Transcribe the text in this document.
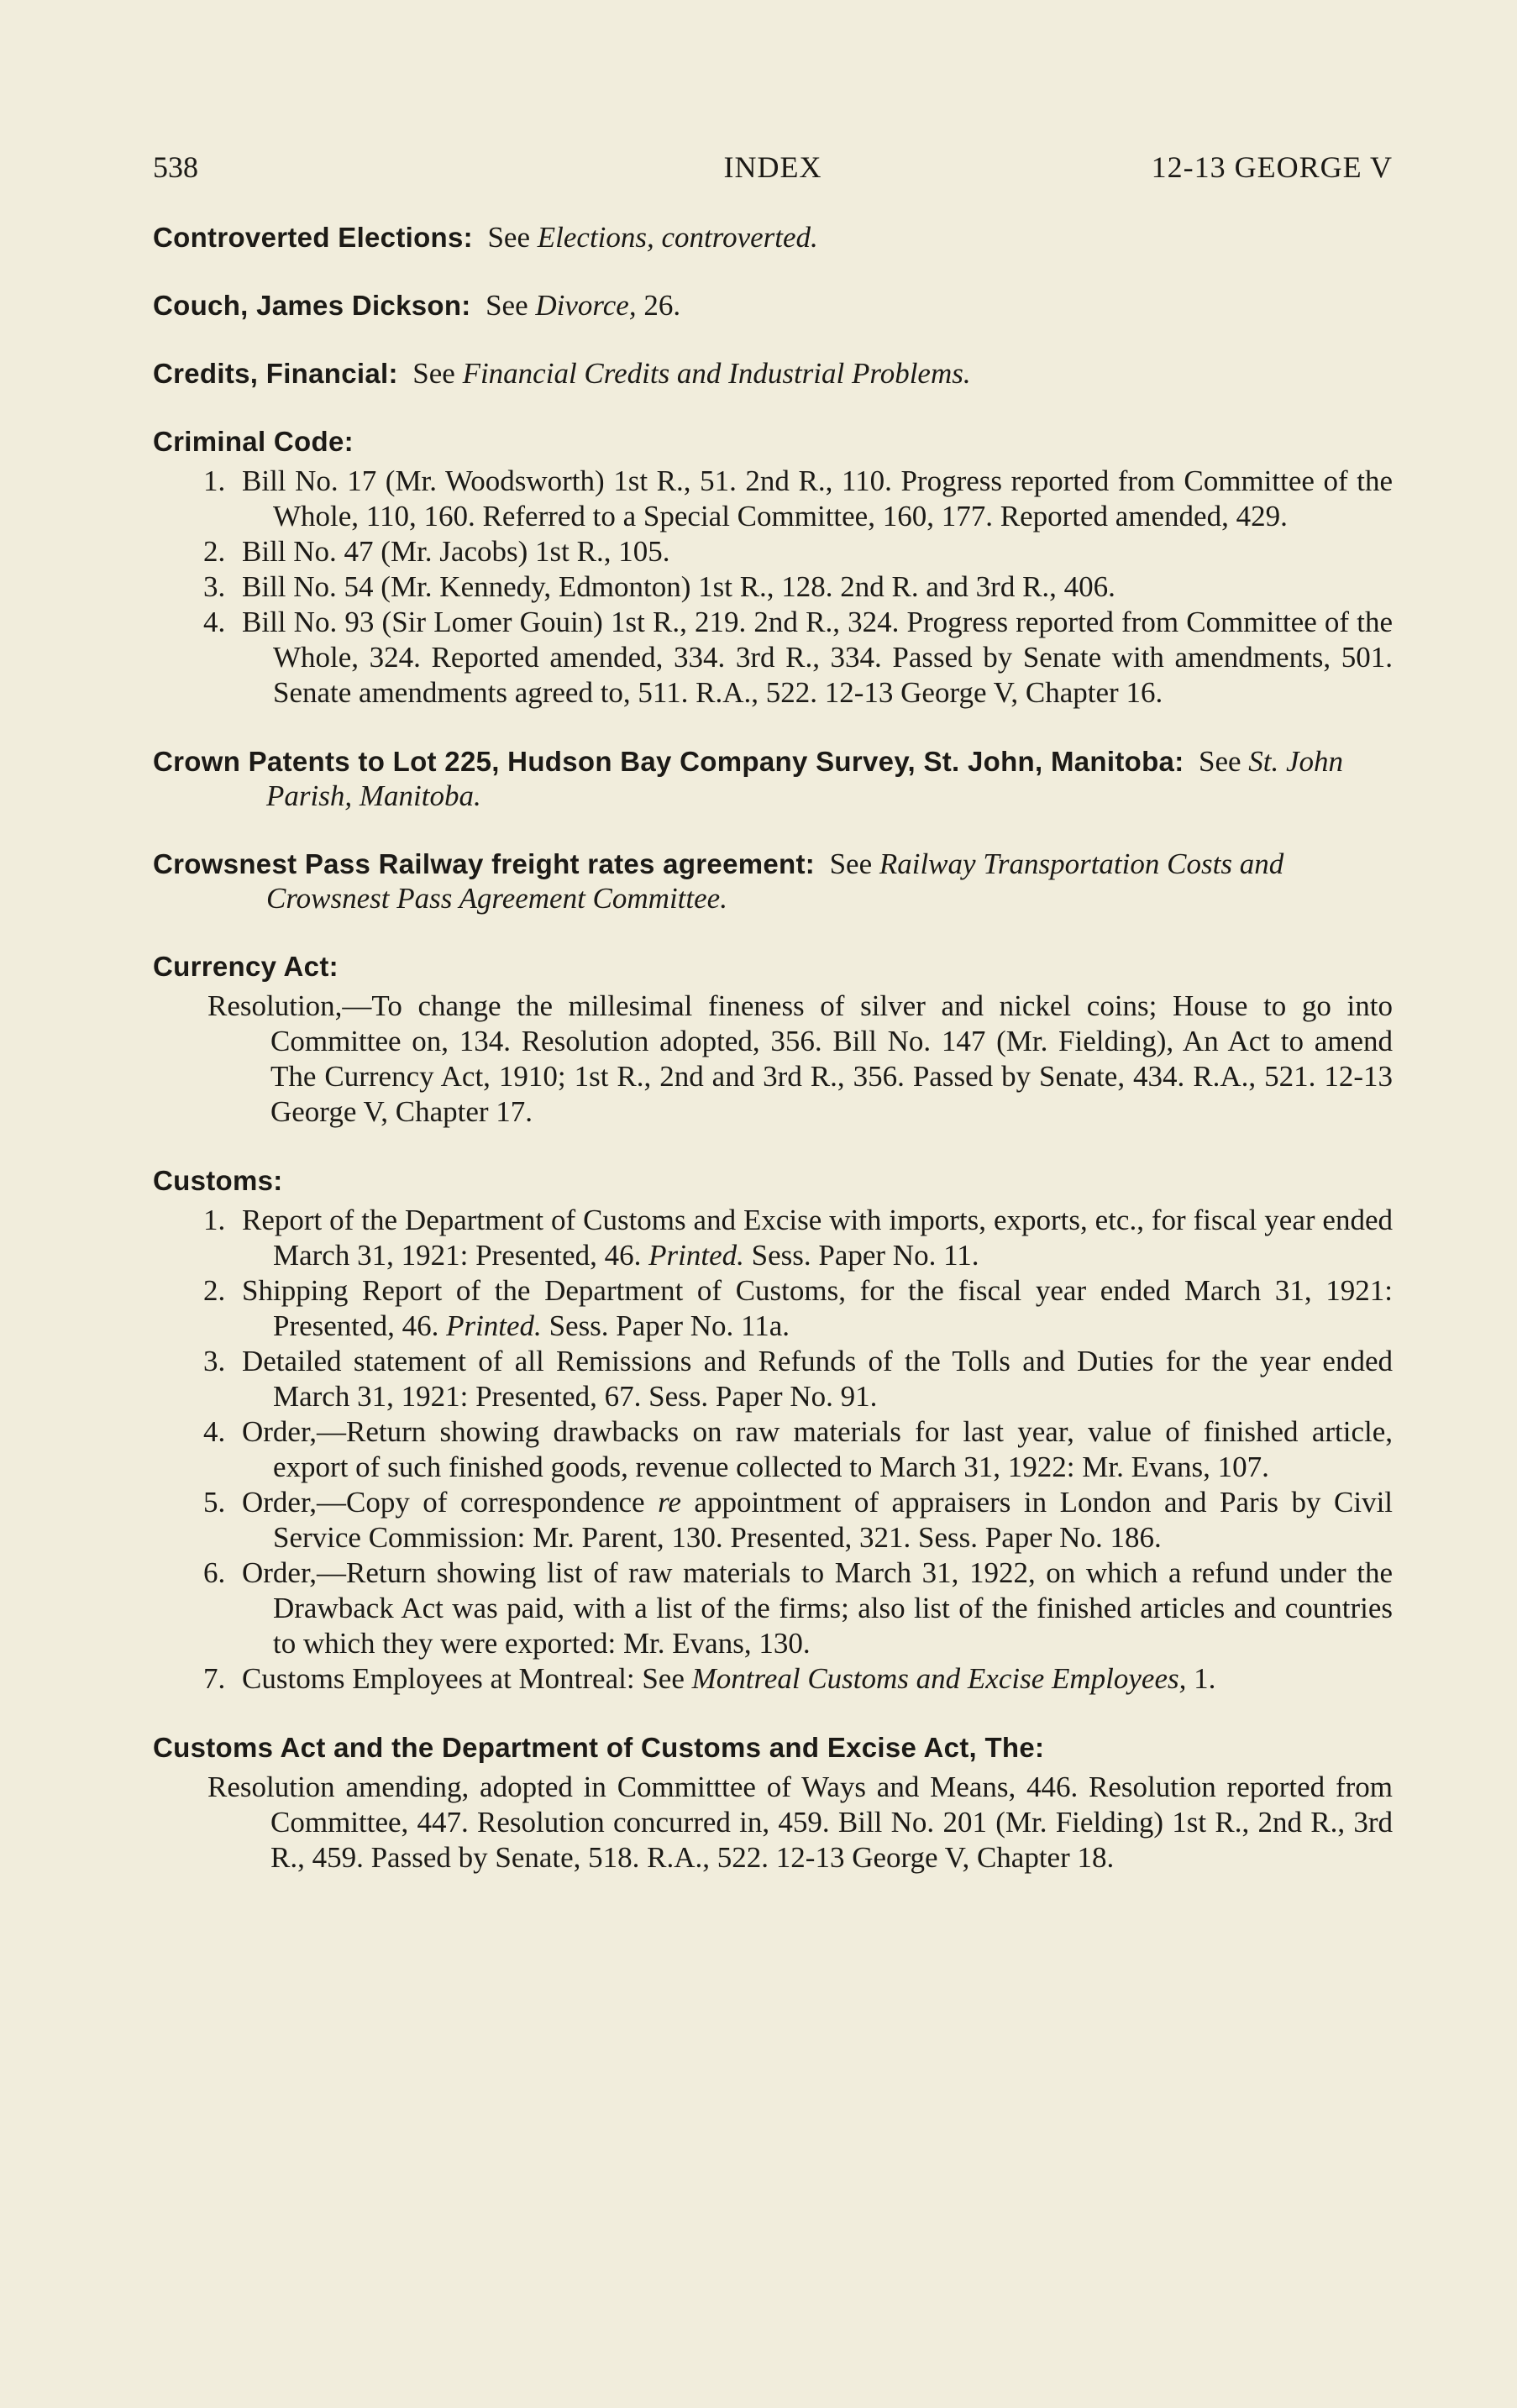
538	INDEX	12-13 GEORGE V
Controverted Elections: See Elections, controverted.
Couch, James Dickson: See Divorce, 26.
Credits, Financial: See Financial Credits and Industrial Problems.
Criminal Code:
1. Bill No. 17 (Mr. Woodsworth) 1st R., 51. 2nd R., 110. Progress reported from Committee of the Whole, 110, 160. Referred to a Special Committee, 160, 177. Reported amended, 429.
2. Bill No. 47 (Mr. Jacobs) 1st R., 105.
3. Bill No. 54 (Mr. Kennedy, Edmonton) 1st R., 128. 2nd R. and 3rd R., 406.
4. Bill No. 93 (Sir Lomer Gouin) 1st R., 219. 2nd R., 324. Progress reported from Committee of the Whole, 324. Reported amended, 334. 3rd R., 334. Passed by Senate with amendments, 501. Senate amendments agreed to, 511. R.A., 522. 12-13 George V, Chapter 16.
Crown Patents to Lot 225, Hudson Bay Company Survey, St. John, Manitoba: See St. John Parish, Manitoba.
Crowsnest Pass Railway freight rates agreement: See Railway Transportation Costs and Crowsnest Pass Agreement Committee.
Currency Act:
Resolution,—To change the millesimal fineness of silver and nickel coins; House to go into Committee on, 134. Resolution adopted, 356. Bill No. 147 (Mr. Fielding), An Act to amend The Currency Act, 1910; 1st R., 2nd and 3rd R., 356. Passed by Senate, 434. R.A., 521. 12-13 George V, Chapter 17.
Customs:
1. Report of the Department of Customs and Excise with imports, exports, etc., for fiscal year ended March 31, 1921: Presented, 46. Printed. Sess. Paper No. 11.
2. Shipping Report of the Department of Customs, for the fiscal year ended March 31, 1921: Presented, 46. Printed. Sess. Paper No. 11a.
3. Detailed statement of all Remissions and Refunds of the Tolls and Duties for the year ended March 31, 1921: Presented, 67. Sess. Paper No. 91.
4. Order,—Return showing drawbacks on raw materials for last year, value of finished article, export of such finished goods, revenue collected to March 31, 1922: Mr. Evans, 107.
5. Order,—Copy of correspondence re appointment of appraisers in London and Paris by Civil Service Commission: Mr. Parent, 130. Presented, 321. Sess. Paper No. 186.
6. Order,—Return showing list of raw materials to March 31, 1922, on which a refund under the Drawback Act was paid, with a list of the firms; also list of the finished articles and countries to which they were exported: Mr. Evans, 130.
7. Customs Employees at Montreal: See Montreal Customs and Excise Employees, 1.
Customs Act and the Department of Customs and Excise Act, The:
Resolution amending, adopted in Committtee of Ways and Means, 446. Resolution reported from Committee, 447. Resolution concurred in, 459. Bill No. 201 (Mr. Fielding) 1st R., 2nd R., 3rd R., 459. Passed by Senate, 518. R.A., 522. 12-13 George V, Chapter 18.
